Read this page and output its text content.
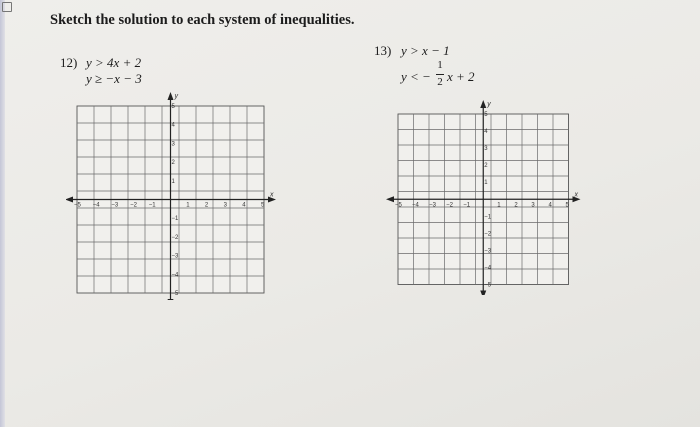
Sketch the solution to each system of inequalities.
12) y > 4x + 2
y ≥ −x − 3
13) y > x − 1
y < −
1
2 x + 2
x
y
−5 −4 −3 −2 −1	1	2	3	4	5
5
4
3
2
1
−1
−2
−3
−4
−5
x
y
−5 −4 −3 −2 −1	1 2 3 4 5
5
4
3
2
1
−1
−2
−3
−4
−5
